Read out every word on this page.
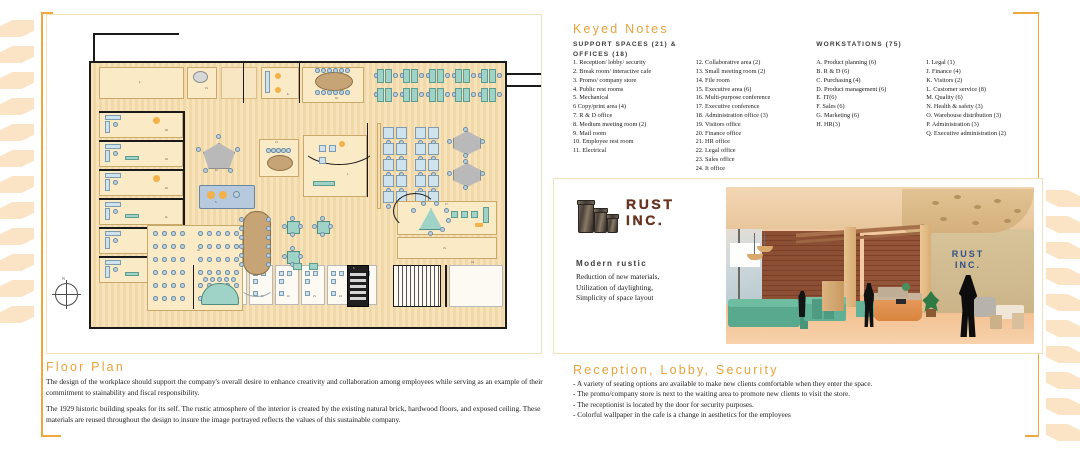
2.
13.
6.
16.
18.
19.
20.
21.
12.
3.
13.
1.
17.
15.
21.	22.	23.	24.
14.
10.
5.
N
Floor Plan
The design of the workplace should support the company's overall desire to enhance creativity and collaboration among employees while serving as an example of their commitment to stainability and fiscal responsibility.
The 1929 historic building speaks for its self. The rustic atmosphere of the interior is created by the existing natural brick, hardwood floors, and exposed ceiling. These materials are reused throughout the design to insure the image portrayed reflects the values of this sustainable company.
Keyed Notes
SUPPORT SPACES (21) &
OFFICES (18)
1. Reception/ lobby/ security
2. Break room/ interactive cafe
3. Promo/ company store
4. Public rest rooms
5. Mechanical
6 Copy/print area (4)
7. R & D office
8. Medium meeting room (2)
9. Mail room
10. Employee rest room
11. Electrical
12. Collaborative area (2)
13. Small meeting room (2)
14. File room
15. Executive area (6)
16. Multi-purpose conference
17. Executive conference
18. Administration office (3)
19. Visitors office
20. Finance office
21. HR office
22. Legal office
23. Sales office
24. It office
WORKSTATIONS (75)
A. Product planning (6)
B. R & D (6)
C. Purchasing (4)
D. Product management (6)
E. IT(6)
F. Sales (6)
G. Marketing (6)
H. HR(3)
I. Legal (1)
J. Finance (4)
K. Visitors (2)
L. Customer service (8)
M. Quality (6)
N. Health & safety (3)
O. Warehouse distribution (3)
P. Administration (3)
Q. Executive administration (2)
RUST
INC.
Modern rustic
Reduction of new materials,
Utilization of daylighting,
Simplicity of space layout
RUST
INC.
Reception, Lobby, Security
- A variety of seating options are available to make new clients comfortable when they enter the space.
- The promo/company store is next to the waiting area to promote new clients to visit the store.
- The receptionist is located by the door for security purposes.
- Colorful wallpaper in the cafe is a change in aesthetics for the employees
